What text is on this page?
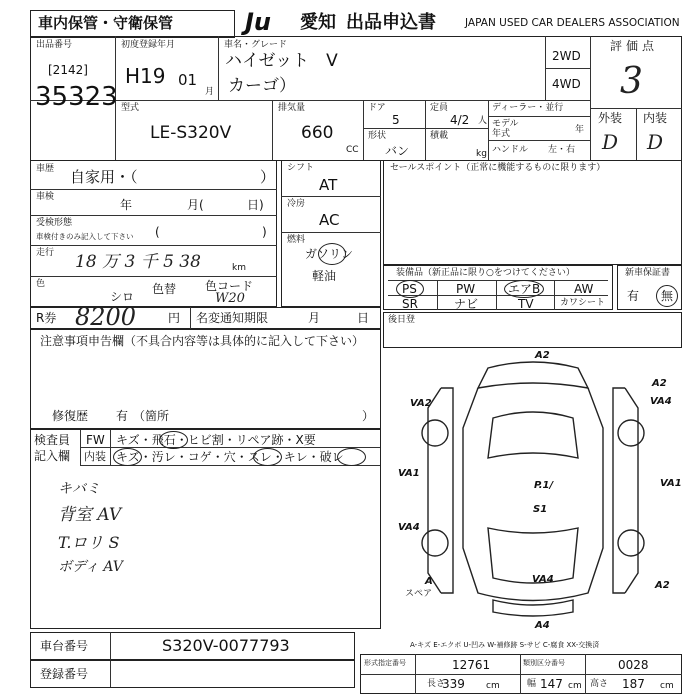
車内保管・守衛保管	Ju 愛知 出品申込書	JAPAN USED CAR DEALERS ASSOCIATION
出品番号
[2142]
35323
初度登録年月
H19 01
月
車名・グレード
ハイゼット　V
カーゴ）
2WD
4WD
評価点
3
外装 内装
D D
型式
LE-S320V
排気量
660
CC
ドア
5
形状
バン
定員
4/2 人
積載
kg
ディーラー・並行
モデル
年式	年
ハンドル 左・右
車歴 自家用・（	）
車検
年	月(	日)
受検形態
車検付きのみ記入して下さい (	)
走行 18 万 3 千 5 38	km
色
シロ
色替 色コード
W20
シフト
AT
冷房
AC
燃料
ガソリン
軽油
セールスポイント（正常に機能するものに限ります）
装備品（新正品に限り○をつけてください）
PS	PW	エアB	AW
SR	ナビ	TV	カワシート
新車保証書
有 無
R券 8200	円 名変通知期限	月	日 後日登
注意事項申告欄（不具合内容等は具体的に記入して下さい）
修復歴 有 （箇所	）
検査員
記入欄
FW キズ・飛石・ヒビ割・リペア跡・X要
内装 キズ・汚レ・コゲ・穴・スレ・キレ・破レ
キバミ
背室 AV
T.ロリ S
ボディ AV
A2
VA2
A2
VA4
VA1
P.1/
S1
VA1
VA4
VA4
A	A2
A4
スペア
A-キズ E-エクボ U-凹み W-補修跡 S-サビ C-腐食 XX-交換済
車台番号	S320V-0077793
登録番号
形式指定番号	12761	類別区分番号	0028
長さ
339 cm	幅 147 cm 高さ 187 cm
